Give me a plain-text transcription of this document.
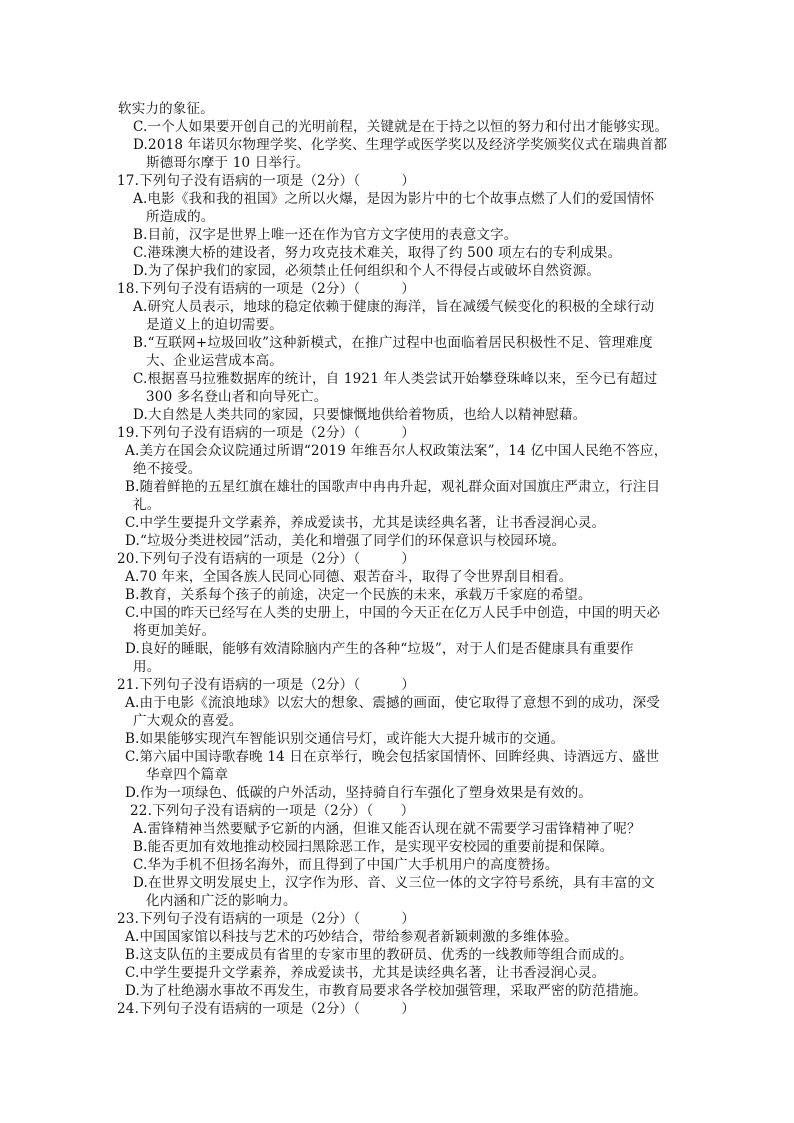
软实力的象征。
C.一个人如果要开创自己的光明前程，关键就是在于持之以恒的努力和付出才能够实现。
D.2018 年诺贝尔物理学奖、化学奖、生理学或医学奖以及经济学奖颁奖仪式在瑞典首都
斯德哥尔摩于 10 日举行。
17.下列句子没有语病的一项是（2分）（　　　）
A.电影《我和我的祖国》之所以火爆，是因为影片中的七个故事点燃了人们的爱国情怀
所造成的。
B.目前，汉字是世界上唯一还在作为官方文字使用的表意文字。
C.港珠澳大桥的建设者，努力攻克技术难关，取得了约 500 项左右的专利成果。
D.为了保护我们的家园，必须禁止任何组织和个人不得侵占或破坏自然资源。
18.下列句子没有语病的一项是（2分）（　　　）
A.研究人员表示，地球的稳定依赖于健康的海洋，旨在减缓气候变化的积极的全球行动
是道义上的迫切需要。
B.“互联网+垃圾回收”这种新模式，在推广过程中也面临着居民积极性不足、管理难度
大、企业运营成本高。
C.根据喜马拉雅数据库的统计，自 1921 年人类尝试开始攀登珠峰以来，至今已有超过
300 多名登山者和向导死亡。
D.大自然是人类共同的家园，只要慷慨地供给着物质，也给人以精神慰藉。
19.下列句子没有语病的一项是（2分）（　　　）
A.美方在国会众议院通过所谓“2019 年维吾尔人权政策法案”，14 亿中国人民绝不答应，
绝不接受。
B.随着鲜艳的五星红旗在雄壮的国歌声中冉冉升起，观礼群众面对国旗庄严肃立，行注目
礼。
C.中学生要提升文学素养，养成爱读书，尤其是读经典名著，让书香浸润心灵。
D.“垃圾分类进校园”活动，美化和增强了同学们的环保意识与校园环境。
20.下列句子没有语病的一项是（2分）（　　　）
A.70 年来，全国各族人民同心同德、艰苦奋斗，取得了令世界刮目相看。
B.教育，关系每个孩子的前途，决定一个民族的未来，承载万千家庭的希望。
C.中国的昨天已经写在人类的史册上，中国的今天正在亿万人民手中创造，中国的明天必
将更加美好。
D.良好的睡眠，能够有效清除脑内产生的各种“垃圾”，对于人们是否健康具有重要作
用。
21.下列句子没有语病的一项是（2分）（　　　）
A.由于电影《流浪地球》以宏大的想象、震撼的画面，使它取得了意想不到的成功，深受
广大观众的喜爱。
B.如果能够实现汽车智能识别交通信号灯，或许能大大提升城市的交通。
C.第六届中国诗歌春晚 14 日在京举行，晚会包括家国情怀、回眸经典、诗酒远方、盛世
华章四个篇章
D.作为一项绿色、低碳的户外活动，坚持骑自行车强化了塑身效果是有效的。
22.下列句子没有语病的一项是（2分）（　　）
A.雷锋精神当然要赋予它新的内涵，但谁又能否认现在就不需要学习雷锋精神了呢？
B.能否更加有效地推动校园扫黑除恶工作，是实现平安校园的重要前提和保障。
C.华为手机不但扬名海外，而且得到了中国广大手机用户的高度赞扬。
D.在世界文明发展史上，汉字作为形、音、义三位一体的文字符号系统，具有丰富的文
化内涵和广泛的影响力。
23.下列句子没有语病的一项是（2分）（　　　）
A.中国国家馆以科技与艺术的巧妙结合，带给参观者新颖刺激的多维体验。
B.这支队伍的主要成员有省里的专家市里的教研员、优秀的一线教师等组合而成的。
C.中学生要提升文学素养，养成爱读书，尤其是读经典名著，让书香浸润心灵。
D.为了杜绝溺水事故不再发生，市教育局要求各学校加强管理，采取严密的防范措施。
24.下列句子没有语病的一项是（2分）（　　　）
